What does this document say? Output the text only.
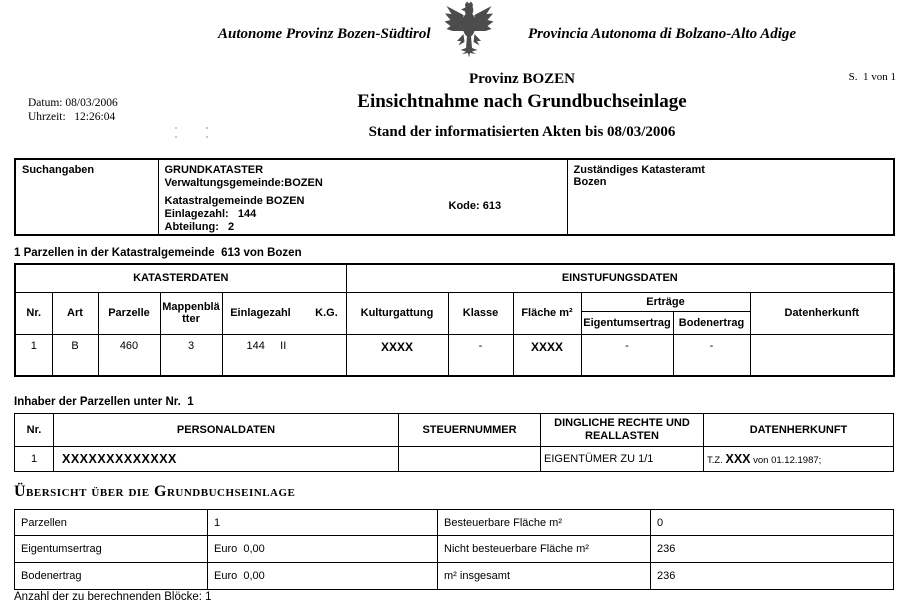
Autonome Provinz Bozen-Südtirol	Provincia Autonoma di Bolzano-Alto Adige
S.  1 von 1
Provinz BOZEN
Einsichtnahme nach Grundbuchseinlage
Stand der informatisierten Akten bis 08/03/2006
Datum: 08/03/2006
Uhrzeit:   12:26:04
Suchangaben	GRUNDKATASTER
Verwaltungsgemeinde:BOZEN
Katastralgemeinde BOZEN
Einlagezahl:   144
Abteilung:   2
Kode: 613

Zuständiges Katasteramt
Bozen
1 Parzellen in der Katastralgemeinde  613 von Bozen
KATASTERDATEN					EINSTUFUNGSDATEN					
Nr.	Art	Parzelle	Mappenblätter	Einlagezahl        K.G.	Kulturgattung	Klasse	Fläche m²	Erträge		Datenherkunft
								Eigentumsertrag	Bodenertrag	
1	B	460	3	144     II	XXXX	-	XXXX	-	-	
Inhaber der Parzellen unter Nr.  1
Nr.	PERSONALDATEN	STEUERNUMMER	DINGLICHE RECHTE UND REALLASTEN	DATENHERKUNFT
1	XXXXXXXXXXXXX		EIGENTÜMER ZU 1/1	T.Z. XXX von 01.12.1987;
Übersicht über die Grundbuchseinlage
Parzellen	1	Besteuerbare Fläche m²	0
Eigentumsertrag	Euro  0,00	Nicht besteuerbare Fläche m²	236
Bodenertrag	Euro  0,00	m² insgesamt	236
Anzahl der zu berechnenden Blöcke: 1
